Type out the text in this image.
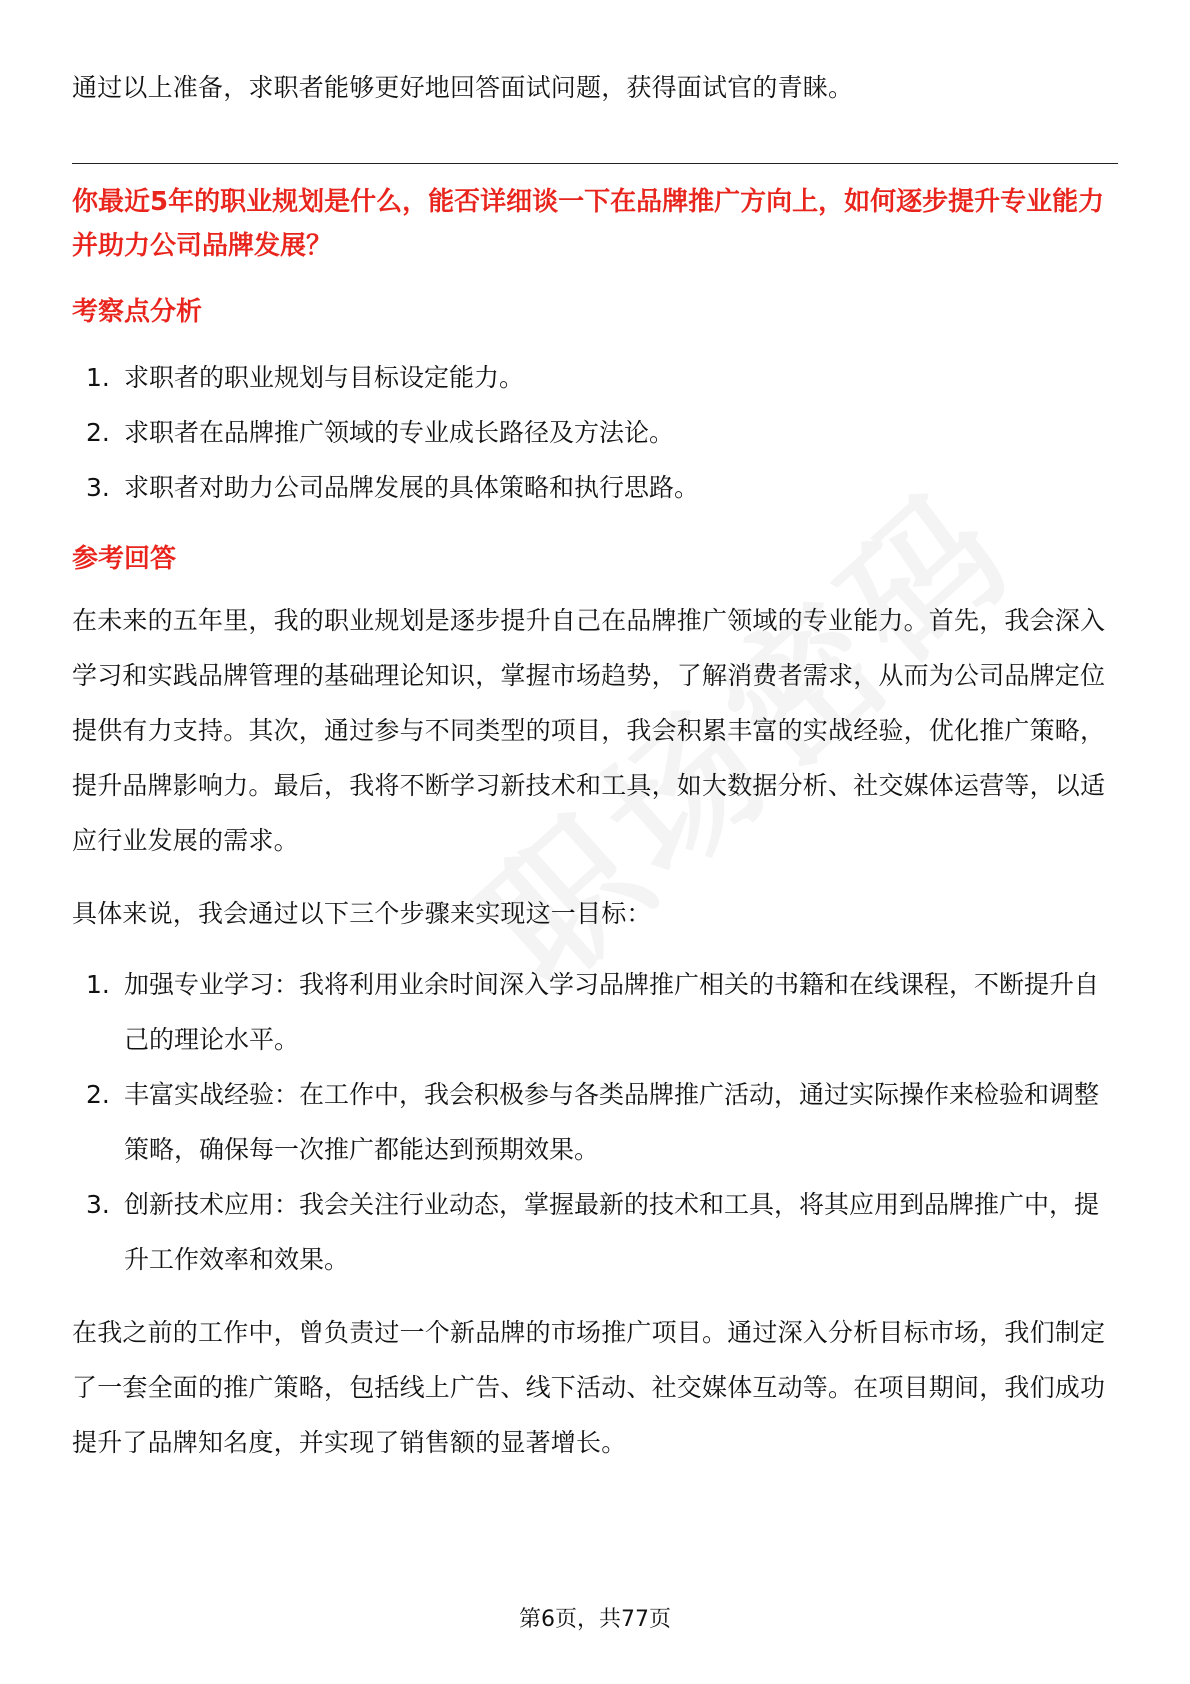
通过以上准备，求职者能够更好地回答面试问题，获得面试官的青睐。

你最近5年的职业规划是什么，能否详细谈一下在品牌推广方向上，如何逐步提升专业能力并助力公司品牌发展？
考察点分析
1. 求职者的职业规划与目标设定能力。
2. 求职者在品牌推广领域的专业成长路径及方法论。
3. 求职者对助力公司品牌发展的具体策略和执行思路。
参考回答

在未来的五年里，我的职业规划是逐步提升自己在品牌推广领域的专业能力。首先，我会深入学习和实践品牌管理的基础理论知识，掌握市场趋势，了解消费者需求，从而为公司品牌定位提供有力支持。其次，通过参与不同类型的项目，我会积累丰富的实战经验，优化推广策略，提升品牌影响力。最后，我将不断学习新技术和工具，如大数据分析、社交媒体运营等，以适应行业发展的需求。

具体来说，我会通过以下三个步骤来实现这一目标：

1. 加强专业学习：我将利用业余时间深入学习品牌推广相关的书籍和在线课程，不断提升自己的理论水平。
2. 丰富实战经验：在工作中，我会积极参与各类品牌推广活动，通过实际操作来检验和调整策略，确保每一次推广都能达到预期效果。
3. 创新技术应用：我会关注行业动态，掌握最新的技术和工具，将其应用到品牌推广中，提升工作效率和效果。

在我之前的工作中，曾负责过一个新品牌的市场推广项目。通过深入分析目标市场，我们制定了一套全面的推广策略，包括线上广告、线下活动、社交媒体互动等。在项目期间，我们成功提升了品牌知名度，并实现了销售额的显著增长。

第6页，共77页
